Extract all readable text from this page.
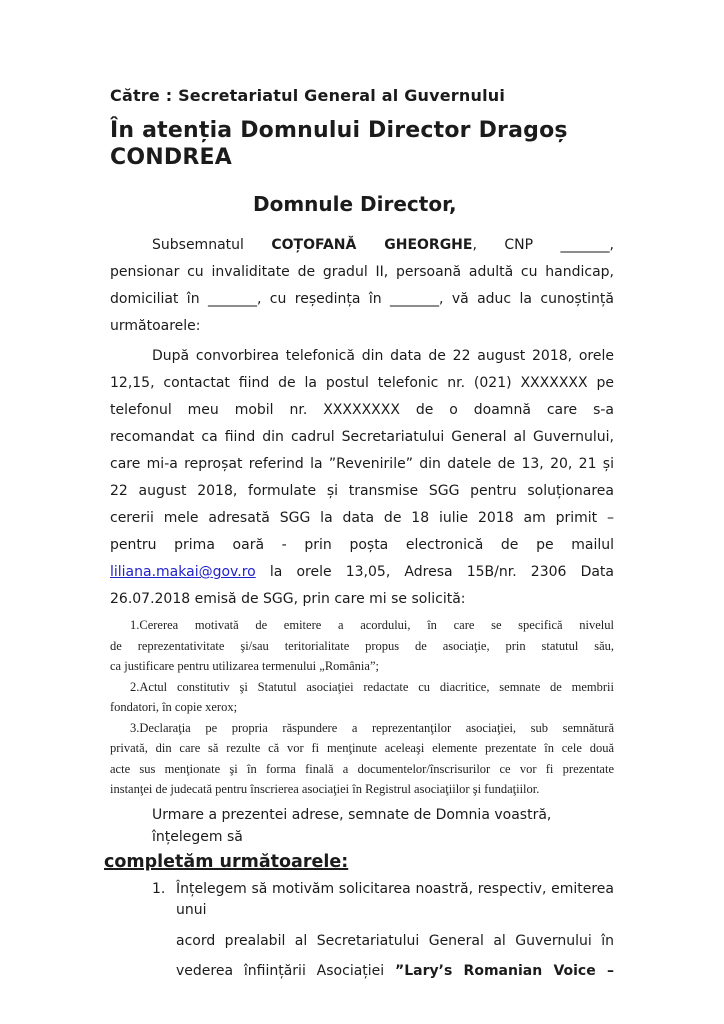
Către : Secretariatul General al Guvernului
În atenția Domnului Director Dragoș CONDREA
Domnule Director,
Subsemnatul COȚOFANĂ GHEORGHE, CNP _______,
pensionar cu invaliditate de gradul II, persoană adultă cu handicap,
domiciliat în _______, cu reședința în _______, vă aduc la cunoștință
următoarele:
După convorbirea telefonică din data de 22 august 2018, orele
12,15, contactat fiind de la postul telefonic nr. (021) XXXXXXX pe
telefonul meu mobil nr. XXXXXXXX de o doamnă care s-a
recomandat ca fiind din cadrul Secretariatului General al Guvernului,
care mi-a reproșat referind la ”Revenirile” din datele de 13, 20, 21 și
22 august 2018, formulate și transmise SGG pentru soluționarea
cererii mele adresată SGG la data de 18 iulie 2018 am primit –
pentru prima oară - prin poșta electronică de pe mailul
liliana.makai@gov.ro la orele 13,05, Adresa 15B/nr. 2306 Data
26.07.2018 emisă de SGG, prin care mi se solicită:
1.Cererea motivată de emitere a acordului, în care se specifică nivelul
de reprezentativitate şi/sau teritorialitate propus de asociaţie, prin statutul său,
ca justificare pentru utilizarea termenului „România”;
2.Actul constitutiv şi Statutul asociaţiei redactate cu diacritice, semnate de membrii
fondatori, în copie xerox;
3.Declaraţia pe propria răspundere a reprezentanţilor asociaţiei, sub semnătură
privată, din care să rezulte că vor fi menţinute aceleaşi elemente prezentate în cele două
acte sus menţionate şi în forma finală a documentelor/înscrisurilor ce vor fi prezentate
instanţei de judecată pentru înscrierea asociaţiei în Registrul asociaţiilor şi fundaţiilor.
Urmare a prezentei adrese, semnate de Domnia voastră,
înțelegem să
completăm următoarele:
1. Înțelegem să motivăm solicitarea noastră, respectiv, emiterea
unui
acord prealabil al Secretariatului General al Guvernului în
vederea înființării Asociației ”Lary’s Romanian Voice –
